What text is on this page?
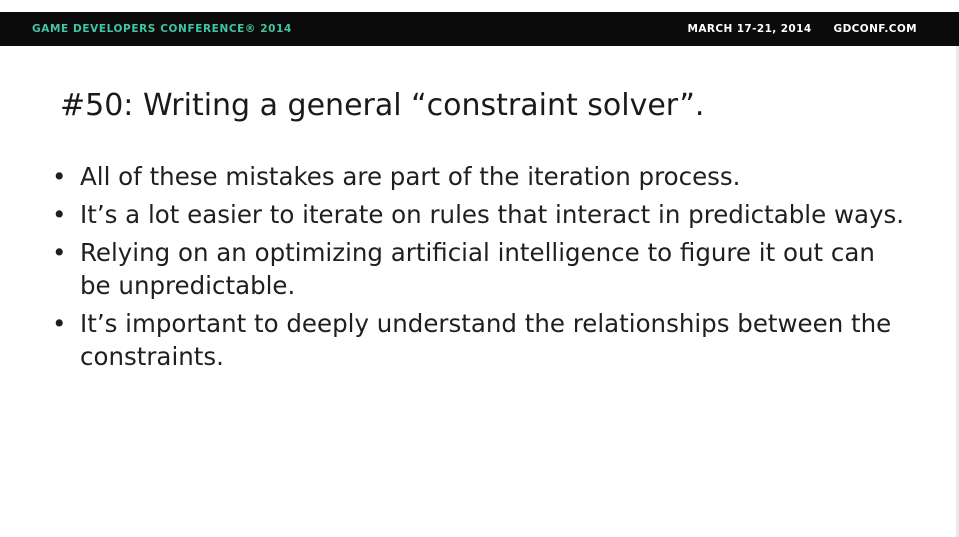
GAME DEVELOPERS CONFERENCE® 2014	MARCH 17-21, 2014 GDCONF.COM
#50: Writing a general “constraint solver”.
• All of these mistakes are part of the iteration process.
• It’s a lot easier to iterate on rules that interact in predictable ways.
• Relying on an optimizing artificial intelligence to figure it out can be unpredictable.
• It’s important to deeply understand the relationships between the constraints.
